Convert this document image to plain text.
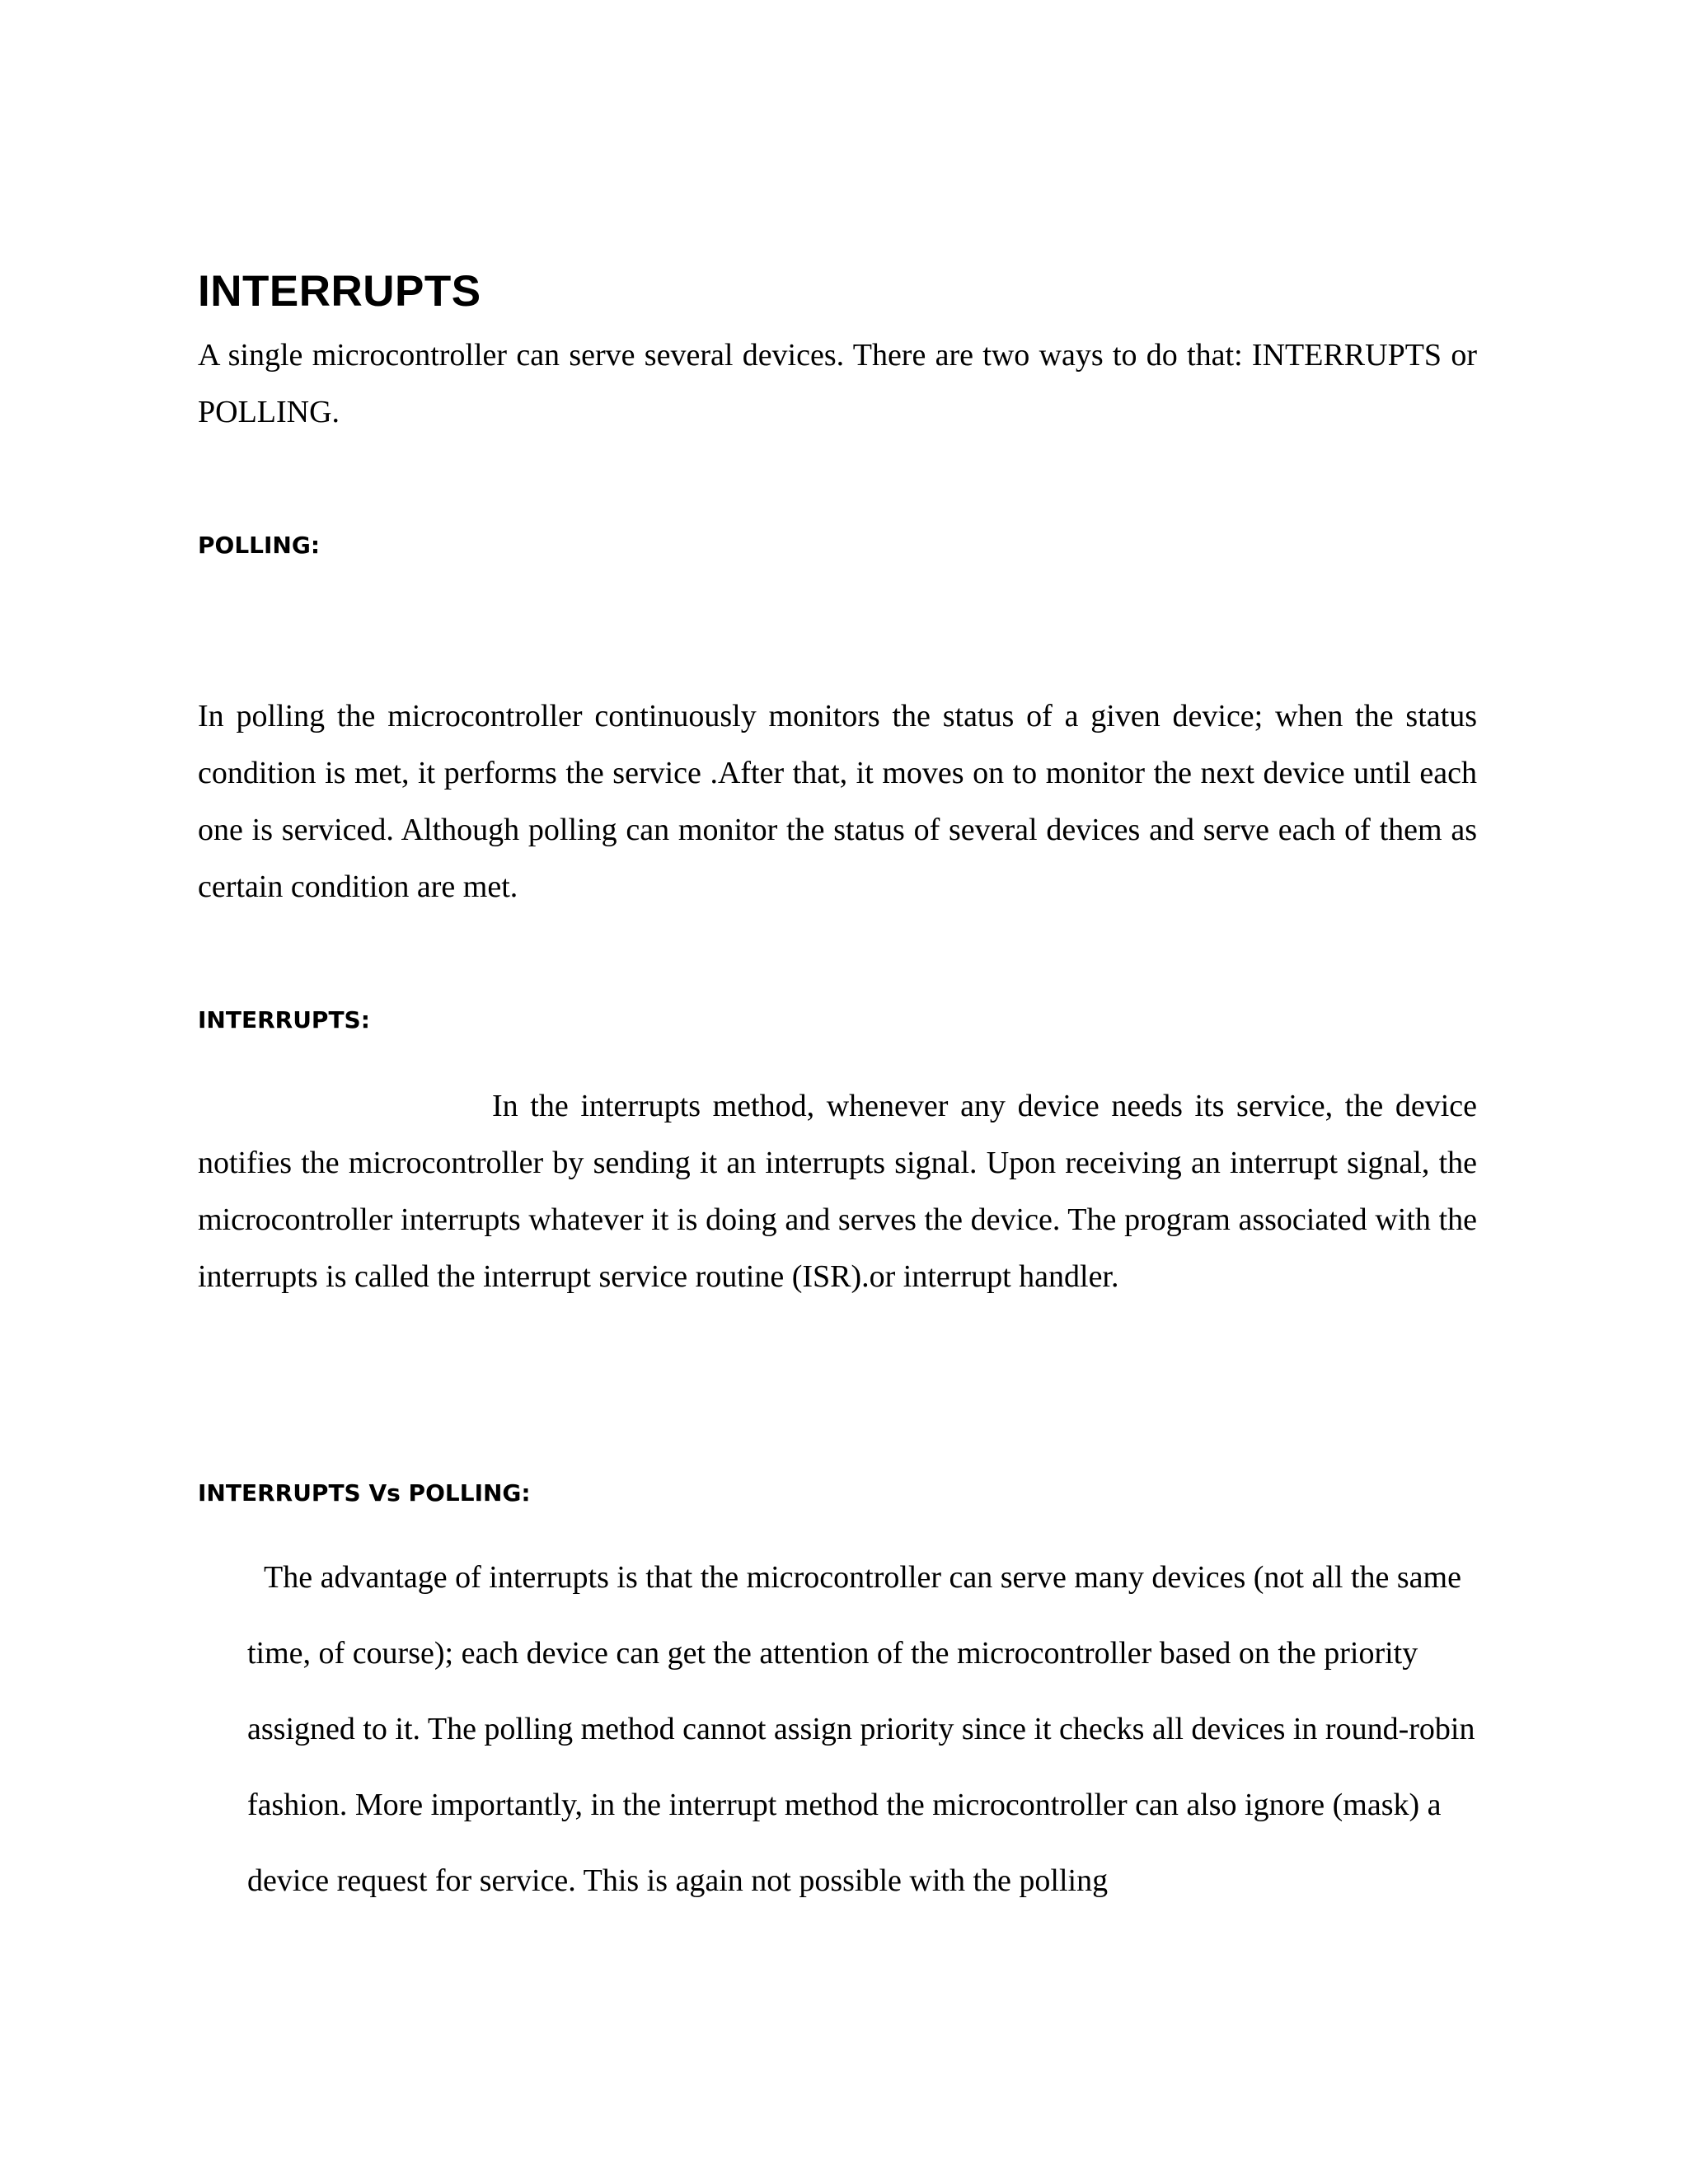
INTERRUPTS

A single microcontroller can serve several devices. There are two ways to do that: INTERRUPTS or POLLING.

POLLING:

In polling the microcontroller continuously monitors the status of a given device; when the status condition is met, it performs the service .After that, it moves on to monitor the next device until each one is serviced. Although polling can monitor the status of several devices and serve each of them as certain condition are met.

INTERRUPTS:

In the interrupts method, whenever any device needs its service, the device notifies the microcontroller by sending it an interrupts signal. Upon receiving an interrupt signal, the microcontroller interrupts whatever it is doing and serves the device. The program associated with the interrupts is called the interrupt service routine (ISR).or interrupt handler.

INTERRUPTS Vs POLLING:

The advantage of interrupts is that the microcontroller can serve many devices (not all the same time, of course); each device can get the attention of the microcontroller based on the priority assigned to it. The polling method cannot assign priority since it checks all devices in round-robin fashion. More importantly, in the interrupt method the microcontroller can also ignore (mask) a device request for service. This is again not possible with the polling
